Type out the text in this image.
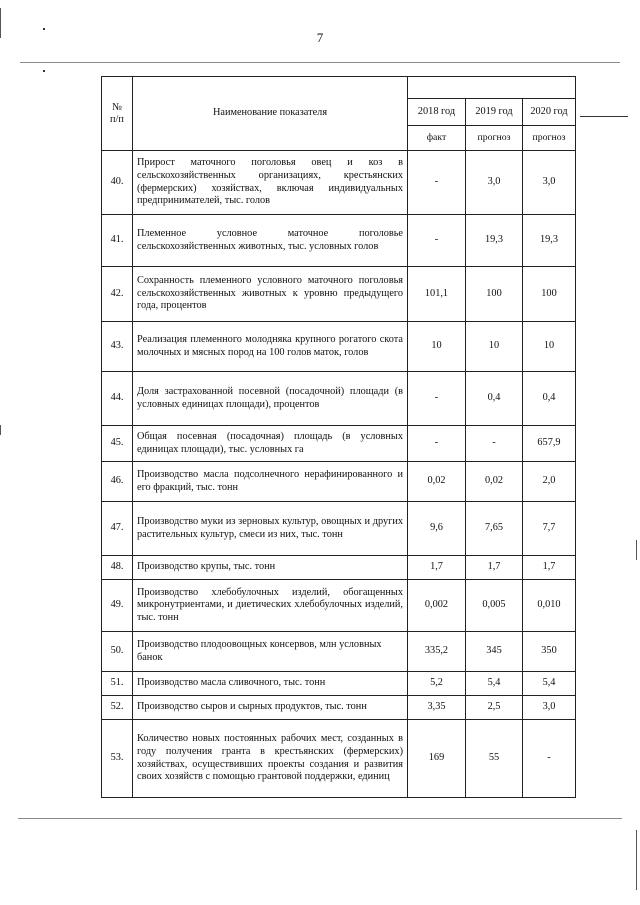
7
№
п/п	Наименование показателя			
		2018 год	2019 год	2020 год
		факт	прогноз	прогноз
40.	Прирост маточного поголовья овец и коз в сельскохозяйственных организациях, крестьянских (фермерских) хозяйствах, включая индивидуальных предпринимателей, тыс. голов	-	3,0	3,0
41.	Племенное условное маточное поголовье сельскохозяйственных животных, тыс. условных голов	-	19,3	19,3
42.	Сохранность племенного условного маточного поголовья сельскохозяйственных животных к уровню предыдущего года, процентов	101,1	100	100
43.	Реализация племенного молодняка крупного рогатого скота молочных и мясных пород на 100 голов маток, голов	10	10	10
44.	Доля застрахованной посевной (посадочной) площади (в условных единицах площади), процентов	-	0,4	0,4
45.	Общая посевная (посадочная) площадь (в условных единицах площади), тыс. условных га	-	-	657,9
46.	Производство масла подсолнечного нерафинированного и его фракций, тыс. тонн	0,02	0,02	2,0
47.	Производство муки из зерновых культур, овощных и других растительных культур, смеси из них, тыс. тонн	9,6	7,65	7,7
48.	Производство крупы, тыс. тонн	1,7	1,7	1,7
49.	Производство хлебобулочных изделий, обогащенных микронутриентами, и диетических хлебобулочных изделий, тыс. тонн	0,002	0,005	0,010
50.	Производство плодоовощных консервов, млн условных банок	335,2	345	350
51.	Производство масла сливочного, тыс. тонн	5,2	5,4	5,4
52.	Производство сыров и сырных продуктов, тыс. тонн	3,35	2,5	3,0
53.	Количество новых постоянных рабочих мест, созданных в году получения гранта в крестьянских (фермерских) хозяйствах, осуществивших проекты создания и развития своих хозяйств с помощью грантовой поддержки, единиц	169	55	-
